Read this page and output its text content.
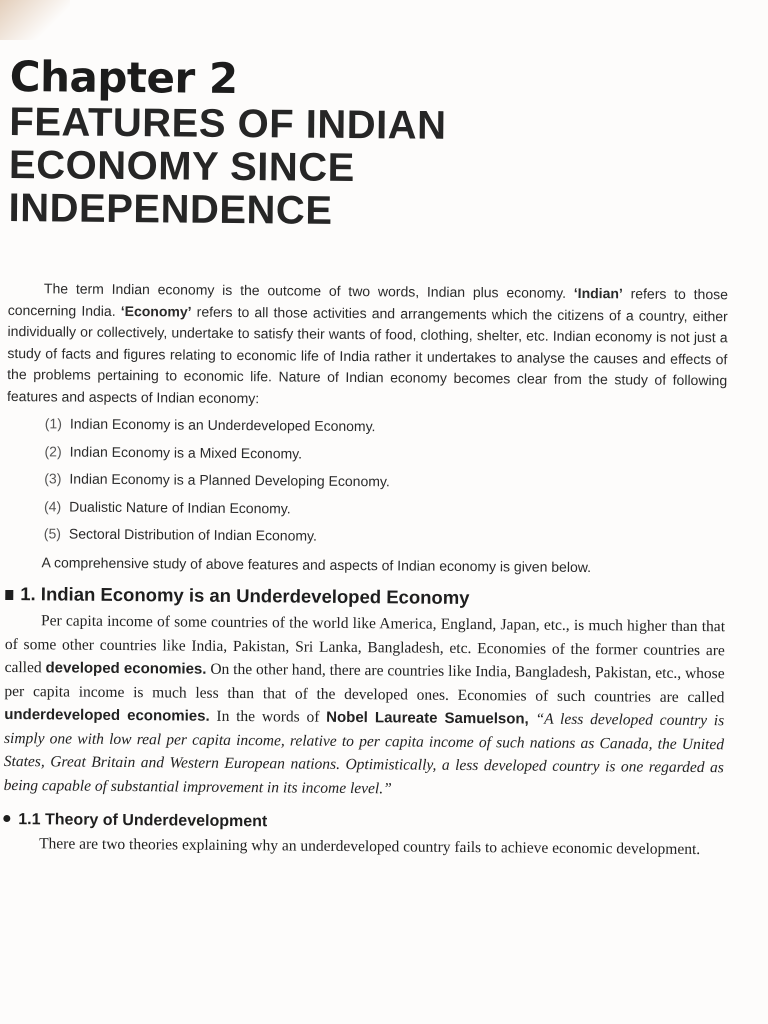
Chapter 2
FEATURES OF INDIAN
ECONOMY SINCE
INDEPENDENCE

The term Indian economy is the outcome of two words, Indian plus economy. ‘Indian’ refers to those concerning India. ‘Economy’ refers to all those activities and arrangements which the citizens of a country, either individually or collectively, undertake to satisfy their wants of food, clothing, shelter, etc. Indian economy is not just a study of facts and figures relating to economic life of India rather it undertakes to analyse the causes and effects of the problems pertaining to economic life. Nature of Indian economy becomes clear from the study of following features and aspects of Indian economy:

(1) Indian Economy is an Underdeveloped Economy.
(2) Indian Economy is a Mixed Economy.
(3) Indian Economy is a Planned Developing Economy.
(4) Dualistic Nature of Indian Economy.
(5) Sectoral Distribution of Indian Economy.

A comprehensive study of above features and aspects of Indian economy is given below.

1. Indian Economy is an Underdeveloped Economy

Per capita income of some countries of the world like America, England, Japan, etc., is much higher than that of some other countries like India, Pakistan, Sri Lanka, Bangladesh, etc. Economies of the former countries are called developed economies. On the other hand, there are countries like India, Bangladesh, Pakistan, etc., whose per capita income is much less than that of the developed ones. Economies of such countries are called underdeveloped economies. In the words of Nobel Laureate Samuelson, “A less developed country is simply one with low real per capita income, relative to per capita income of such nations as Canada, the United States, Great Britain and Western European nations. Optimistically, a less developed country is one regarded as being capable of substantial improvement in its income level.”

1.1 Theory of Underdevelopment

There are two theories explaining why an underdeveloped country fails to achieve economic development.
